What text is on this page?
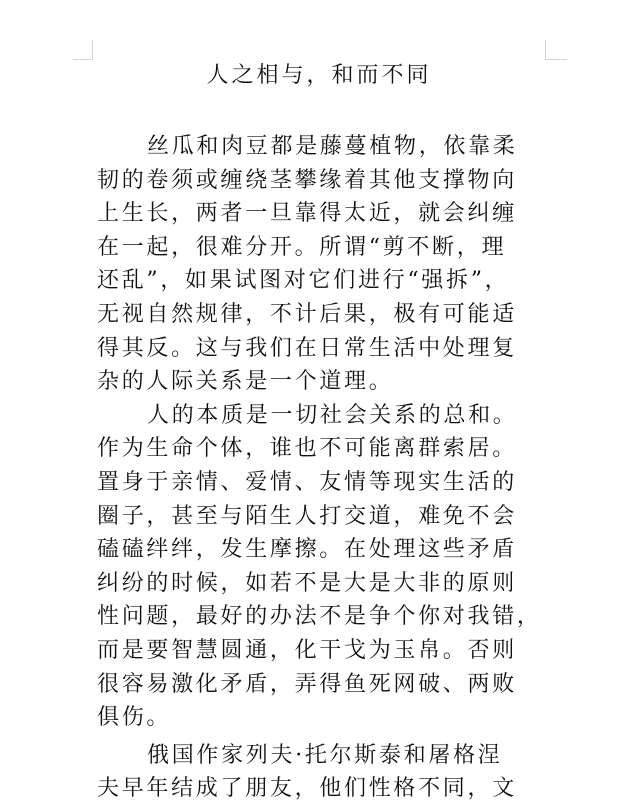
人之相与，和而不同
丝瓜和肉豆都是藤蔓植物，依靠柔
韧的卷须或缠绕茎攀缘着其他支撑物向
上生长，两者一旦靠得太近，就会纠缠
在一起，很难分开。所谓“剪不断，理
还乱”，如果试图对它们进行“强拆”，
无视自然规律，不计后果，极有可能适
得其反。这与我们在日常生活中处理复
杂的人际关系是一个道理。
人的本质是一切社会关系的总和。
作为生命个体，谁也不可能离群索居。
置身于亲情、爱情、友情等现实生活的
圈子，甚至与陌生人打交道，难免不会
磕磕绊绊，发生摩擦。在处理这些矛盾
纠纷的时候，如若不是大是大非的原则
性问题，最好的办法不是争个你对我错，
而是要智慧圆通，化干戈为玉帛。否则
很容易激化矛盾，弄得鱼死网破、两败
俱伤。
俄国作家列夫·托尔斯泰和屠格涅
夫早年结成了朋友，他们性格不同，文
